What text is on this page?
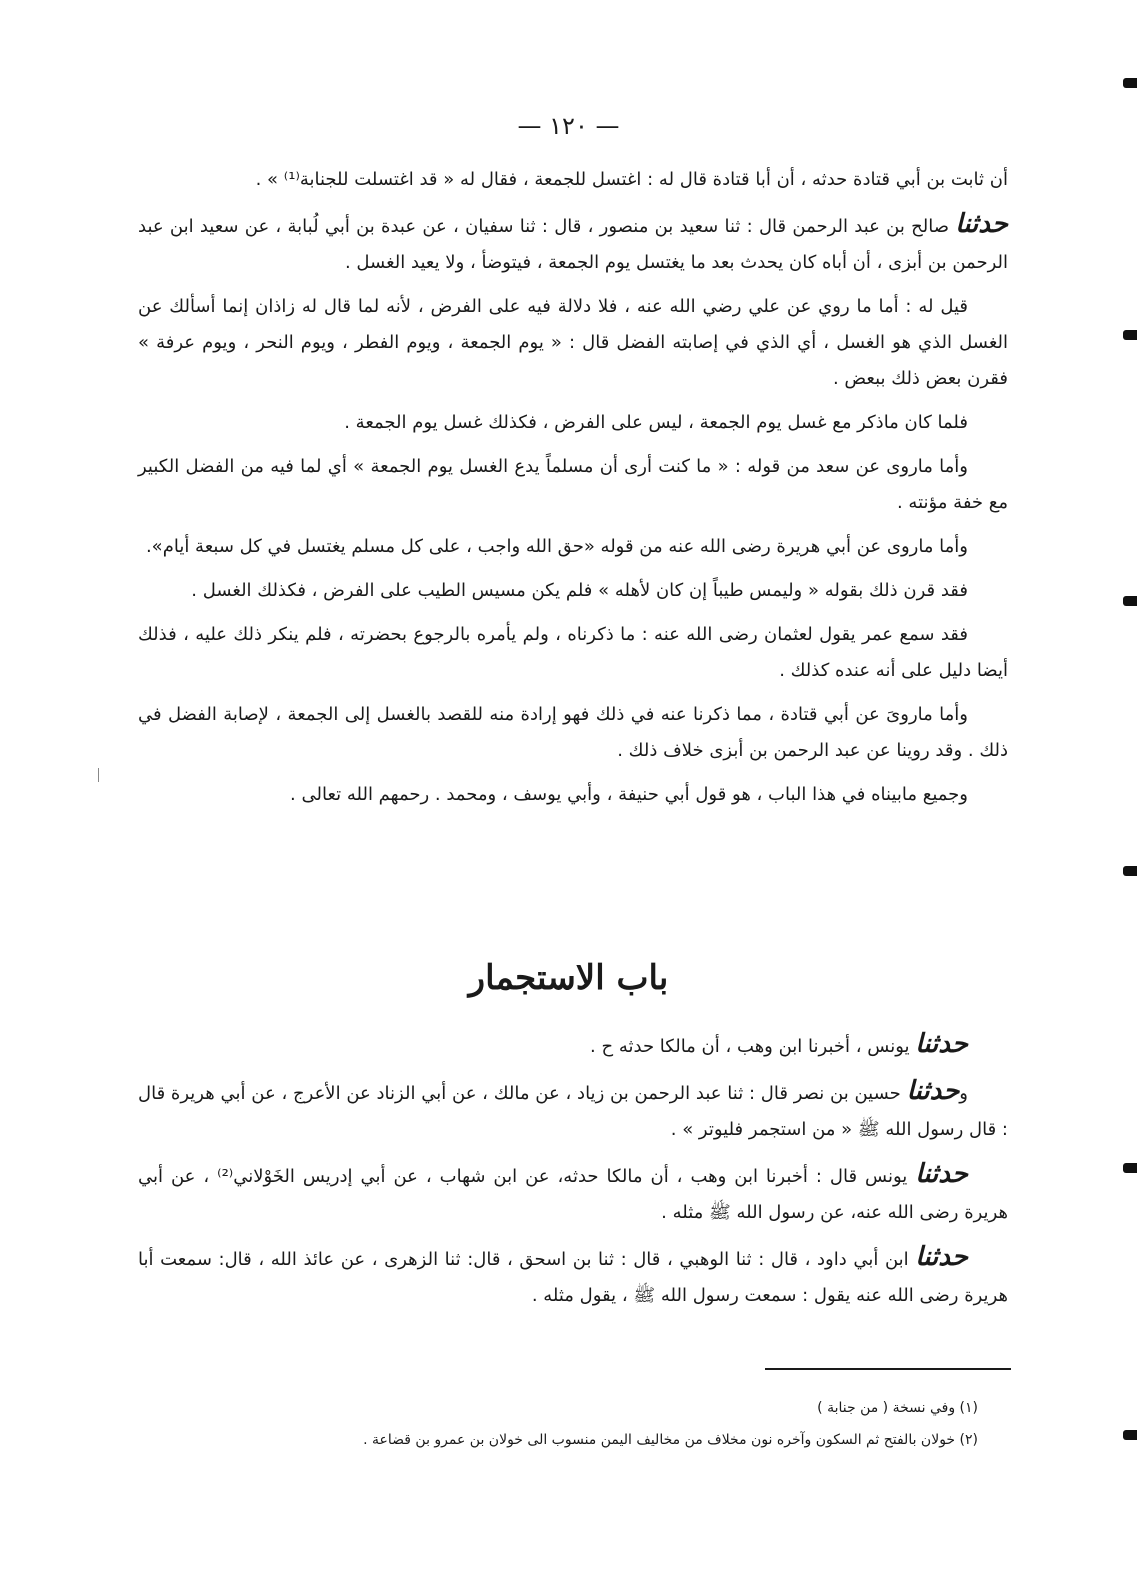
— ١٢٠ —

أن ثابت بن أبي قتادة حدثه ، أن أبا قتادة قال له : اغتسل للجمعة ، فقال له « قد اغتسلت للجنابة⁽¹⁾ » .

حدثنا صالح بن عبد الرحمن قال : ثنا سعيد بن منصور ، قال : ثنا سفيان ، عن عبدة بن أبي لُبابة ، عن سعيد ابن عبد الرحمن بن أبزى ، أن أباه كان يحدث بعد ما يغتسل يوم الجمعة ، فيتوضأ ، ولا يعيد الغسل .

قيل له : أما ما روي عن علي رضي الله عنه ، فلا دلالة فيه على الفرض ، لأنه لما قال له زاذان إنما أسألك عن الغسل الذي هو الغسل ، أي الذي في إصابته الفضل قال : « يوم الجمعة ، ويوم الفطر ، ويوم النحر ، ويوم عرفة » فقرن بعض ذلك ببعض .

فلما كان ماذكر مع غسل يوم الجمعة ، ليس على الفرض ، فكذلك غسل يوم الجمعة .

وأما ماروى عن سعد من قوله : « ما كنت أرى أن مسلماً يدع الغسل يوم الجمعة » أي لما فيه من الفضل الكبير مع خفة مؤنته .

وأما ماروى عن أبي هريرة رضى الله عنه من قوله «حق الله واجب ، على كل مسلم يغتسل في كل سبعة أيام».

فقد قرن ذلك بقوله « وليمس طيباً إن كان لأهله » فلم يكن مسيس الطيب على الفرض ، فكذلك الغسل .

فقد سمع عمر يقول لعثمان رضى الله عنه : ما ذكرناه ، ولم يأمره بالرجوع بحضرته ، فلم ينكر ذلك عليه ، فذلك أيضا دليل على أنه عنده كذلك .

وأما ماروىَ عن أبي قتادة ، مما ذكرنا عنه في ذلك فهو إرادة منه للقصد بالغسل إلى الجمعة ، لإصابة الفضل في ذلك . وقد روينا عن عبد الرحمن بن أبزى خلاف ذلك .

وجميع مابيناه في هذا الباب ، هو قول أبي حنيفة ، وأبي يوسف ، ومحمد . رحمهم الله تعالى .

باب الاستجمار

حدثنا يونس ، أخبرنا ابن وهب ، أن مالكا حدثه ح .

وحدثنا حسين بن نصر قال : ثنا عبد الرحمن بن زياد ، عن مالك ، عن أبي الزناد عن الأعرج ، عن أبي هريرة قال : قال رسول الله ﷺ « من استجمر فليوتر » .

حدثنا يونس قال : أخبرنا ابن وهب ، أن مالكا حدثه، عن ابن شهاب ، عن أبي إدريس الخَوْلاني⁽²⁾ ، عن أبي هريرة رضى الله عنه، عن رسول الله ﷺ مثله .

حدثنا ابن أبي داود ، قال : ثنا الوهبي ، قال : ثنا بن اسحق ، قال: ثنا الزهرى ، عن عائذ الله ، قال: سمعت أبا هريرة رضى الله عنه يقول : سمعت رسول الله ﷺ ، يقول مثله .

(١) وفي نسخة ( من جنابة )

(٢) خولان بالفتح ثم السكون وآخره نون مخلاف من مخاليف اليمن منسوب الى خولان بن عمرو بن قضاعة .
